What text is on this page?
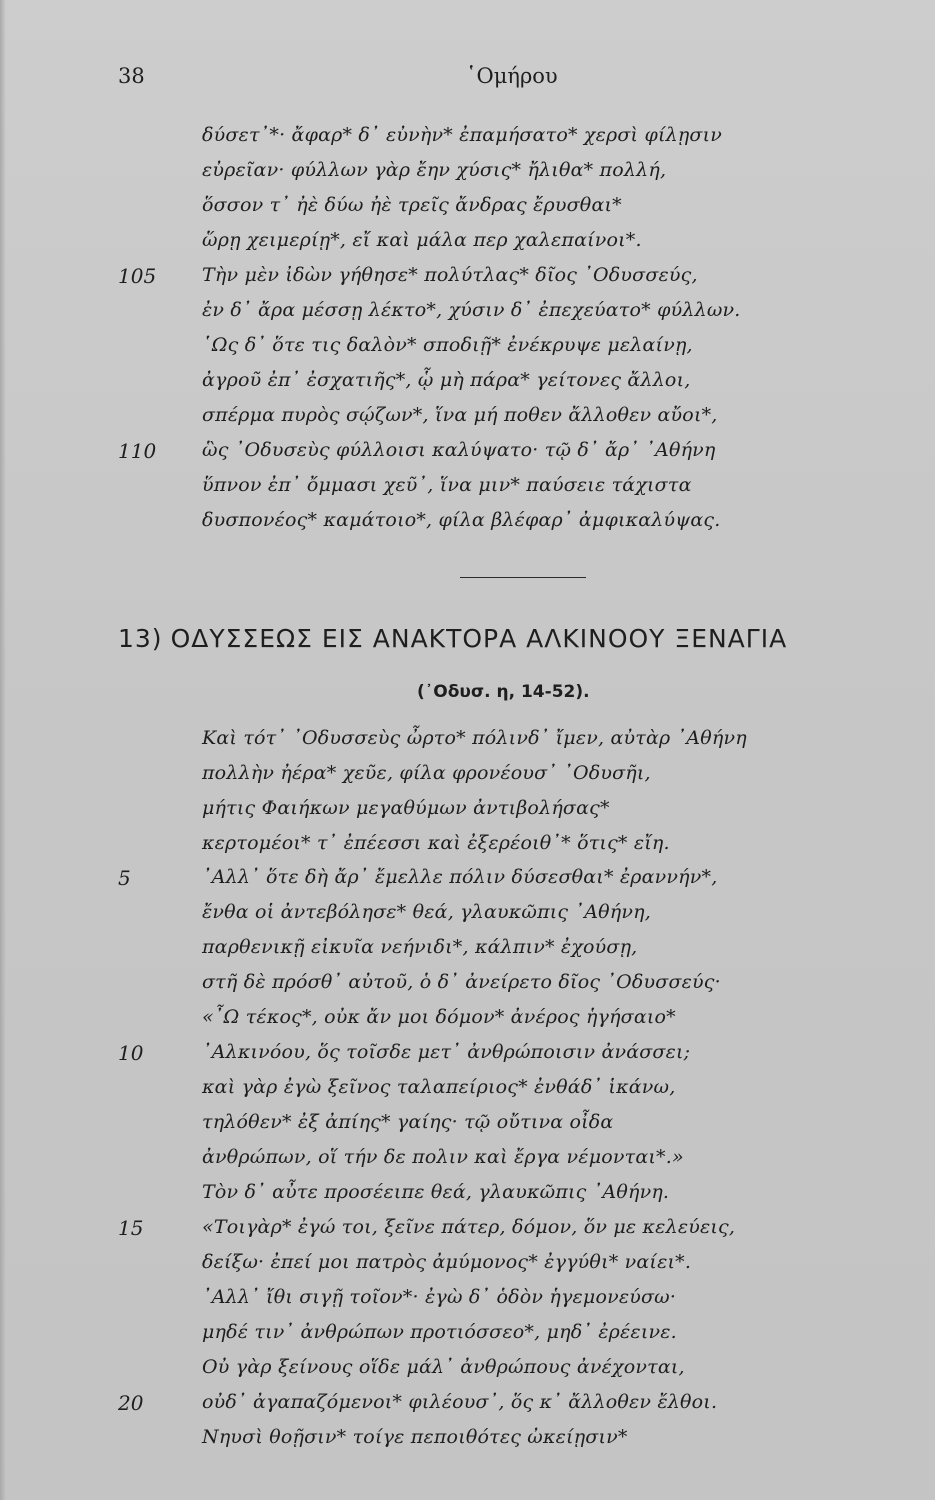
38	῾Ομήρου
δύσετ᾽*· ἄφαρ* δ᾽ εὐνὴν* ἐπαμήσατο* χερσὶ φίλῃσιν
εὐρεῖαν· φύλλων γὰρ ἔην χύσις* ἤλιθα* πολλή,
ὅσσον τ᾽ ἠὲ δύω ἠὲ τρεῖς ἄνδρας ἔρυσθαι*
ὥρῃ χειμερίῃ*, εἴ καὶ μάλα περ χαλεπαίνοι*.
105 Τὴν μὲν ἰδὼν γήθησε* πολύτλας* δῖος ᾿Οδυσσεύς,
ἐν δ᾽ ἄρα μέσσῃ λέκτο*, χύσιν δ᾽ ἐπεχεύατο* φύλλων.
῾Ως δ᾽ ὅτε τις δαλὸν* σποδιῇ* ἐνέκρυψε μελαίνῃ,
ἀγροῦ ἐπ᾽ ἐσχατιῆς*, ᾧ μὴ πάρα* γείτονες ἄλλοι,
σπέρμα πυρὸς σῴζων*, ἵνα μή ποθεν ἄλλοθεν αὔοι*,
110 ὣς ᾿Οδυσεὺς φύλλοισι καλύψατο· τῷ δ᾽ ἄρ᾽ ᾿Αθήνη
ὕπνον ἐπ᾽ ὄμμασι χεῦ᾽, ἵνα μιν* παύσειε τάχιστα
δυσπονέος* καμάτοιο*, φίλα βλέφαρ᾽ ἀμφικαλύψας.
13) ΟΔΥΣΣΕΩΣ ΕΙΣ ΑΝΑΚΤΟΡΑ ΑΛΚΙΝΟΟΥ ΞΕΝΑΓΙΑ
(᾿Οδυσ. η, 14-52).
Καὶ τότ᾽ ᾿Οδυσσεὺς ὦρτο* πόλινδ᾽ ἴμεν, αὐτὰρ ᾿Αθήνη
πολλὴν ἠέρα* χεῦε, φίλα φρονέουσ᾽ ᾿Οδυσῆι,
μήτις Φαιήκων μεγαθύμων ἀντιβολήσας*
κερτομέοι* τ᾽ ἐπέεσσι καὶ ἐξερέοιθ᾽* ὅτις* εἴη.
5	᾿Αλλ᾽ ὅτε δὴ ἄρ᾽ ἔμελλε πόλιν δύσεσθαι* ἐραννήν*,
ἔνθα οἱ ἀντεβόλησε* θεά, γλαυκῶπις ᾿Αθήνη,
παρθενικῇ εἰκυῖα νεήνιδι*, κάλπιν* ἐχούσῃ,
στῆ δὲ πρόσθ᾽ αὐτοῦ, ὁ δ᾽ ἀνείρετο δῖος ᾿Οδυσσεύς·
«῏Ω τέκος*, οὐκ ἄν μοι δόμον* ἀνέρος ἡγήσαιο*
10	᾿Αλκινόου, ὅς τοῖσδε μετ᾽ ἀνθρώποισιν ἀνάσσει;
καὶ γὰρ ἐγὼ ξεῖνος ταλαπείριος* ἐνθάδ᾽ ἱκάνω,
τηλόθεν* ἐξ ἀπίης* γαίης· τῷ οὔτινα οἶδα
ἀνθρώπων, οἵ τήν δε πολιν καὶ ἔργα νέμονται*.»
Τὸν δ᾽ αὖτε προσέειπε θεά, γλαυκῶπις ᾿Αθήνη.
15	«Τοιγὰρ* ἐγώ τοι, ξεῖνε πάτερ, δόμον, ὅν με κελεύεις,
δείξω· ἐπεί μοι πατρὸς ἀμύμονος* ἐγγύθι* ναίει*.
᾿Αλλ᾽ ἴθι σιγῇ τοῖον*· ἐγὼ δ᾽ ὁδὸν ἡγεμονεύσω·
μηδέ τιν᾽ ἀνθρώπων προτιόσσεο*, μηδ᾽ ἐρέεινε.
Οὐ γὰρ ξείνους οἵδε μάλ᾽ ἀνθρώπους ἀνέχονται,
20	οὐδ᾽ ἀγαπαζόμενοι* φιλέουσ᾽, ὅς κ᾽ ἄλλοθεν ἔλθοι.
Νηυσὶ θοῇσιν* τοίγε πεποιθότες ὠκείῃσιν*
